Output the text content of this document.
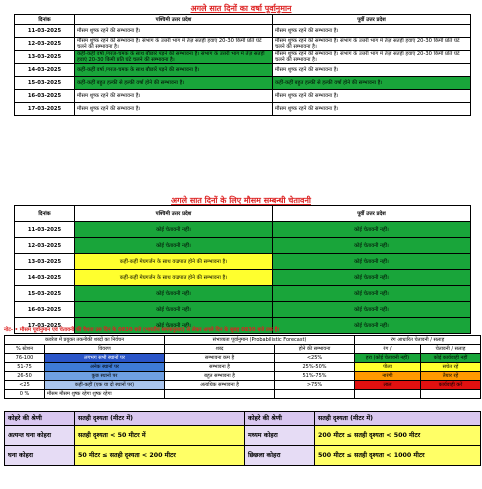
अगले सात दिनों का वर्षा पूर्वानुमान
दिनांक	पश्चिमी उत्तर प्रदेश	पूर्वी उत्तर प्रदेश
11-03-2025	मौसम शुष्क रहने की सम्भावना है।	मौसम शुष्क रहने की सम्भावना है।
12-03-2025	मौसम शुष्क रहने की सम्भावना है। संभाग के उत्तरी भाग में तेज़ सतही हवाएं 20-30 किमी प्रति घंटे चलने की सम्भावना है।	मौसम शुष्क रहने की सम्भावना है। संभाग के उत्तरी भाग में तेज़ सतही हवाएं 20-30 किमी प्रति घंटे चलने की सम्भावना है।
13-03-2025	कहीं-कहीं वर्षा /गरज-चमक के साथ बौछारें पड़ने की सम्भावना है। संभाग के उत्तरी भाग में तेज़ सतही हवाएं 20-30 किमी प्रति घंटे चलने की सम्भावना है।	मौसम शुष्क रहने की सम्भावना है। संभाग के उत्तरी भाग में तेज़ सतही हवाएं 20-30 किमी प्रति घंटे चलने की सम्भावना है।
14-03-2025	कहीं-कहीं वर्षा /गरज-चमक के साथ बौछारें पड़ने की सम्भावना है।	मौसम शुष्क रहने की सम्भावना है।
15-03-2025	कहीं-कहीं बहुत हल्की से हल्की वर्षा होने की सम्भावना है।	कहीं-कहीं बहुत हल्की से हल्की वर्षा होने की सम्भावना है।
16-03-2025	मौसम शुष्क रहने की सम्भावना है।	मौसम शुष्क रहने की सम्भावना है।
17-03-2025	मौसम शुष्क रहने की सम्भावना है।	मौसम शुष्क रहने की सम्भावना है।
अगले सात दिनों के लिए मौसम सम्बन्धी चेतावनी
दिनांक	पश्चिमी उत्तर प्रदेश	पूर्वी उत्तर प्रदेश
11-03-2025	कोई चेतावनी नहीं।	कोई चेतावनी नहीं।
12-03-2025	कोई चेतावनी नहीं।	कोई चेतावनी नहीं।
13-03-2025	कहीं-कहीं मेघगर्जन के साथ वज्रपात होने की सम्भावना है।	कोई चेतावनी नहीं।
14-03-2025	कहीं-कहीं मेघगर्जन के साथ वज्रपात होने की सम्भावना है।	कोई चेतावनी नहीं।
15-03-2025	कोई चेतावनी नहीं।	कोई चेतावनी नहीं।
16-03-2025	कोई चेतावनी नहीं।	कोई चेतावनी नहीं।
17-03-2025	कोई चेतावनी नहीं।	कोई चेतावनी नहीं।
नोट- • मौसम पूर्वानुमान एवं चेतावनी की वैधता उस दिन के 0830 बजे (भारतीय समयानुसार) से लेकर अगले दिन के सुबह 0830 बजे तक है।
कवरेज में प्रयुक्त तकनीकी शब्दों का निर्वचन		संभाव्यता पूर्वानुमान (Probabilistic Forecast)		रंग आधारित चेतावनी / सलाह	
% स्टेशन	विवरण	शब्द	होने की सम्भावना	रंग /	चेतावनी / सलाह
76-100	लगभग सभी स्थानों पर	सम्भावना कम है	<25%	हरा (कोई चेतावनी नहीं)	कोई कार्यवाही नहीं
51-75	अनेक स्थानों पर	सम्भावना है	25%-50%	पीला	सचेत रहें
26-50	कुछ स्थानों पर	बहुत सम्भावना है	51%-75%	नारंगी	तैयार रहें
<25	कहीं-कहीं (एक या दो स्थानों पर)	अत्यधिक सम्भावना है	>75%	लाल	कार्यवाही करें
0 %	मौसम मौसम शुष्क रहेगा शुष्क रहेगा				
कोहरे की श्रेणी	सतही दृश्यता (मीटर में)	कोहरे की श्रेणी	सतही दृश्यता (मीटर में)
अत्यन्त घना कोहरा	सतही दृश्यता < 50 मीटर में	मध्यम कोहरा	200 मीटर ≤ सतही दृश्यता < 500 मीटर
घना कोहरा	50 मीटर ≤ सतही दृश्यता < 200 मीटर	छिछला कोहरा	500 मीटर ≤ सतही दृश्यता < 1000 मीटर
